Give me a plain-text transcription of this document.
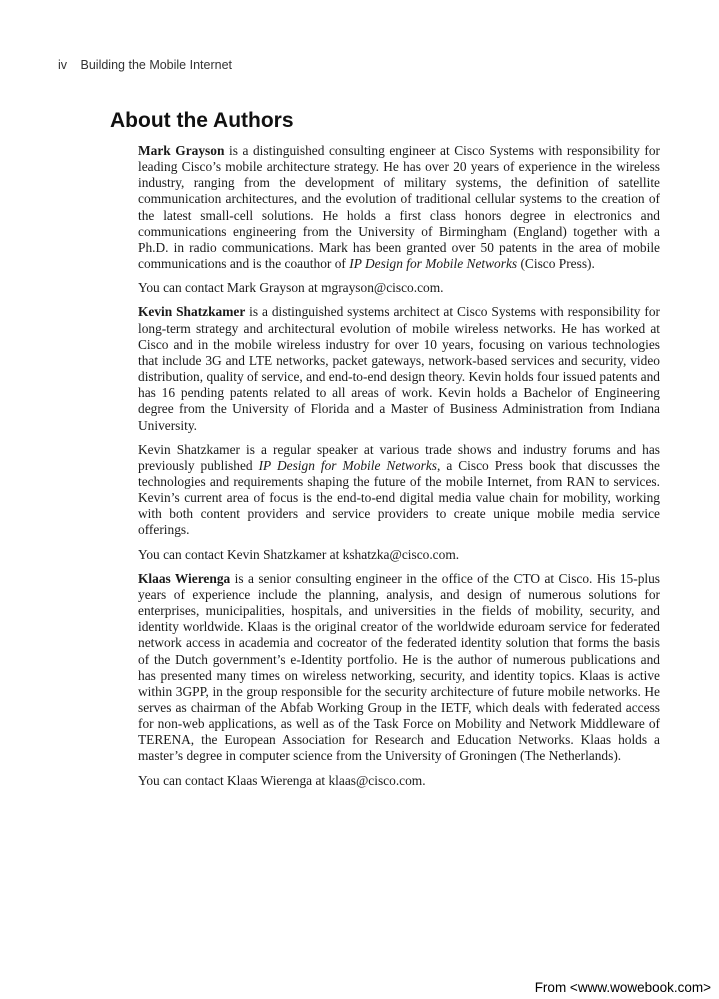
iv Building the Mobile Internet
About the Authors

Mark Grayson is a distinguished consulting engineer at Cisco Systems with responsibility for leading Cisco’s mobile architecture strategy. He has over 20 years of experience in the wireless industry, ranging from the development of military systems, the definition of satellite communication architectures, and the evolution of traditional cellular systems to the creation of the latest small-cell solutions. He holds a first class honors degree in electronics and communications engineering from the University of Birmingham (England) together with a Ph.D. in radio communications. Mark has been granted over 50 patents in the area of mobile communications and is the coauthor of IP Design for Mobile Networks (Cisco Press).

You can contact Mark Grayson at mgrayson@cisco.com.

Kevin Shatzkamer is a distinguished systems architect at Cisco Systems with responsibility for long-term strategy and architectural evolution of mobile wireless networks. He has worked at Cisco and in the mobile wireless industry for over 10 years, focusing on various technologies that include 3G and LTE networks, packet gateways, network-based services and security, video distribution, quality of service, and end-to-end design theory. Kevin holds four issued patents and has 16 pending patents related to all areas of work. Kevin holds a Bachelor of Engineering degree from the University of Florida and a Master of Business Administration from Indiana University.

Kevin Shatzkamer is a regular speaker at various trade shows and industry forums and has previously published IP Design for Mobile Networks, a Cisco Press book that discusses the technologies and requirements shaping the future of the mobile Internet, from RAN to services. Kevin’s current area of focus is the end-to-end digital media value chain for mobility, working with both content providers and service providers to create unique mobile media service offerings.

You can contact Kevin Shatzkamer at kshatzka@cisco.com.

Klaas Wierenga is a senior consulting engineer in the office of the CTO at Cisco. His 15-plus years of experience include the planning, analysis, and design of numerous solutions for enterprises, municipalities, hospitals, and universities in the fields of mobility, security, and identity worldwide. Klaas is the original creator of the worldwide eduroam service for federated network access in academia and cocreator of the federated identity solution that forms the basis of the Dutch government’s e-Identity portfolio. He is the author of numerous publications and has presented many times on wireless networking, security, and identity topics. Klaas is active within 3GPP, in the group responsible for the security architecture of future mobile networks. He serves as chairman of the Abfab Working Group in the IETF, which deals with federated access for non-web applications, as well as of the Task Force on Mobility and Network Middleware of TERENA, the European Association for Research and Education Networks. Klaas holds a master’s degree in computer science from the University of Groningen (The Netherlands).

You can contact Klaas Wierenga at klaas@cisco.com.

From <www.wowebook.com>
